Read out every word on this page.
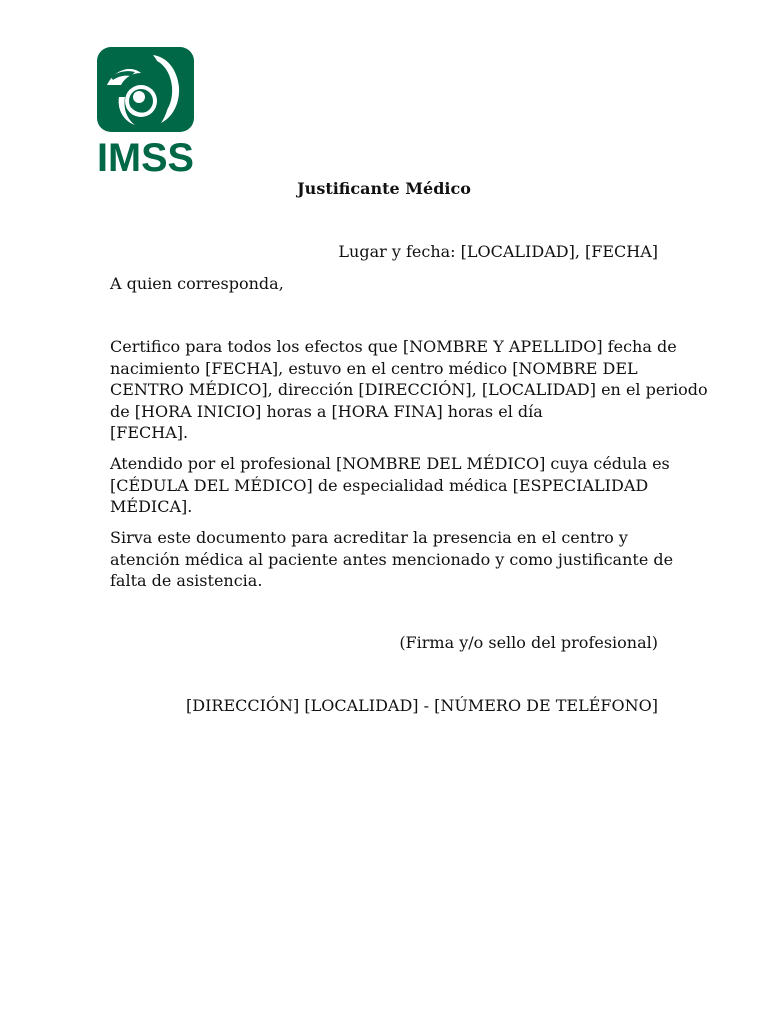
IMSS
Justificante Médico
Lugar y fecha: [LOCALIDAD], [FECHA]

A quien corresponda,

Certifico para todos los efectos que [NOMBRE Y APELLIDO] fecha de
nacimiento [FECHA], estuvo en el centro médico [NOMBRE DEL
CENTRO MÉDICO], dirección [DIRECCIÓN], [LOCALIDAD] en el periodo
de [HORA INICIO] horas a [HORA FINA] horas el día
[FECHA].

Atendido por el profesional [NOMBRE DEL MÉDICO] cuya cédula es
[CÉDULA DEL MÉDICO] de especialidad médica [ESPECIALIDAD
MÉDICA].

Sirva este documento para acreditar la presencia en el centro y
atención médica al paciente antes mencionado y como justificante de
falta de asistencia.

(Firma y/o sello del profesional)
[DIRECCIÓN] [LOCALIDAD] - [NÚMERO DE TELÉFONO]
